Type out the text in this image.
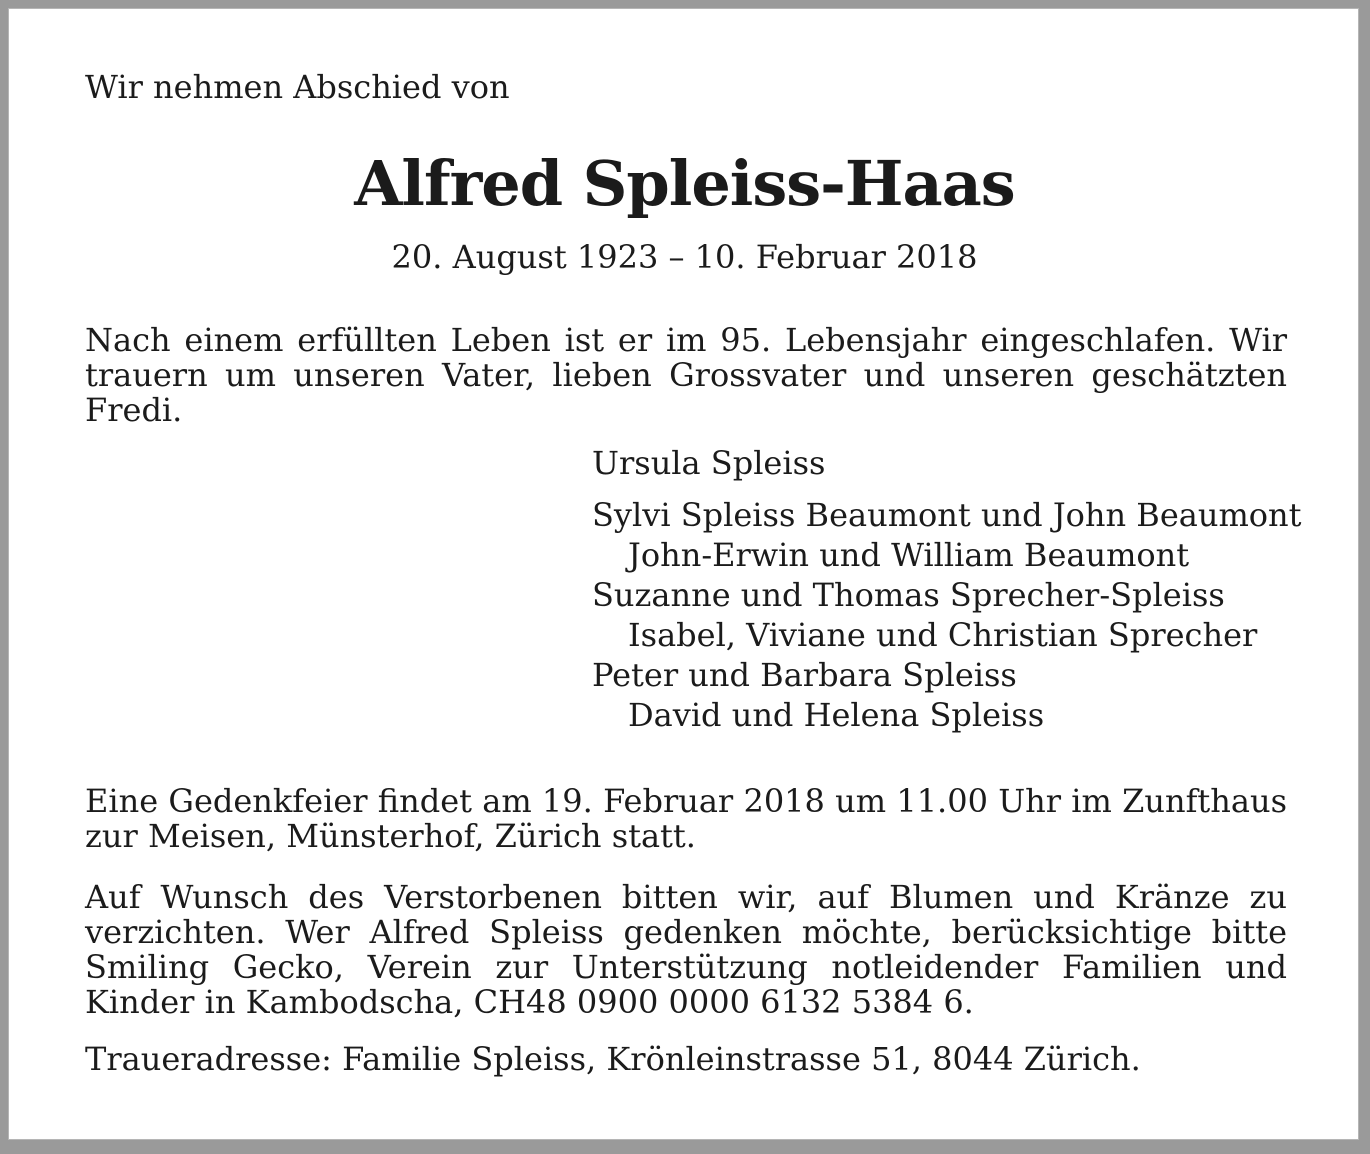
Wir nehmen Abschied von
Alfred Spleiss-Haas
20. August 1923 – 10. Februar 2018
Nach einem erfüllten Leben ist er im 95. Lebensjahr eingeschlafen. Wir trauern um unseren Vater, lieben Grossvater und unseren geschätzten Fredi.
Ursula Spleiss
Sylvi Spleiss Beaumont und John Beaumont
John-Erwin und William Beaumont
Suzanne und Thomas Sprecher-Spleiss
Isabel, Viviane und Christian Sprecher
Peter und Barbara Spleiss
David und Helena Spleiss
Eine Gedenkfeier findet am 19. Februar 2018 um 11.00 Uhr im Zunfthaus zur Meisen, Münsterhof, Zürich statt.
Auf Wunsch des Verstorbenen bitten wir, auf Blumen und Kränze zu verzichten. Wer Alfred Spleiss gedenken möchte, berücksichtige bitte Smiling Gecko, Verein zur Unterstützung notleidender Familien und Kinder in Kambodscha, CH48 0900 0000 6132 5384 6.
Traueradresse: Familie Spleiss, Krönleinstrasse 51, 8044 Zürich.
